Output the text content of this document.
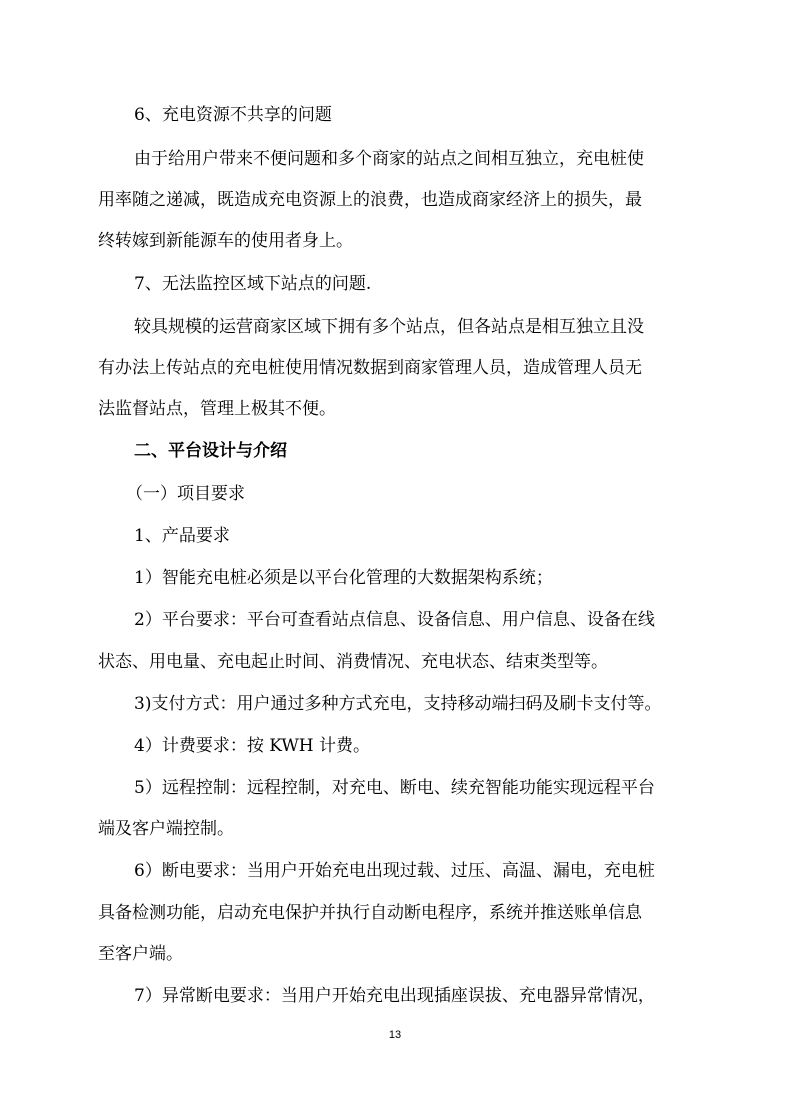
6、充电资源不共享的问题
由于给用户带来不便问题和多个商家的站点之间相互独立，充电桩使
用率随之递减，既造成充电资源上的浪费，也造成商家经济上的损失，最
终转嫁到新能源车的使用者身上。
7、无法监控区域下站点的问题.
较具规模的运营商家区域下拥有多个站点，但各站点是相互独立且没
有办法上传站点的充电桩使用情况数据到商家管理人员，造成管理人员无
法监督站点，管理上极其不便。
二、平台设计与介绍
（一）项目要求
1、产品要求
1）智能充电桩必须是以平台化管理的大数据架构系统；
2）平台要求：平台可查看站点信息、设备信息、用户信息、设备在线
状态、用电量、充电起止时间、消费情况、充电状态、结束类型等。
3)支付方式：用户通过多种方式充电，支持移动端扫码及刷卡支付等。
4）计费要求：按 KWH 计费。
5）远程控制：远程控制，对充电、断电、续充智能功能实现远程平台
端及客户端控制。
6）断电要求：当用户开始充电出现过载、过压、高温、漏电，充电桩
具备检测功能，启动充电保护并执行自动断电程序，系统并推送账单信息
至客户端。
7）异常断电要求：当用户开始充电出现插座误拔、充电器异常情况，
13
